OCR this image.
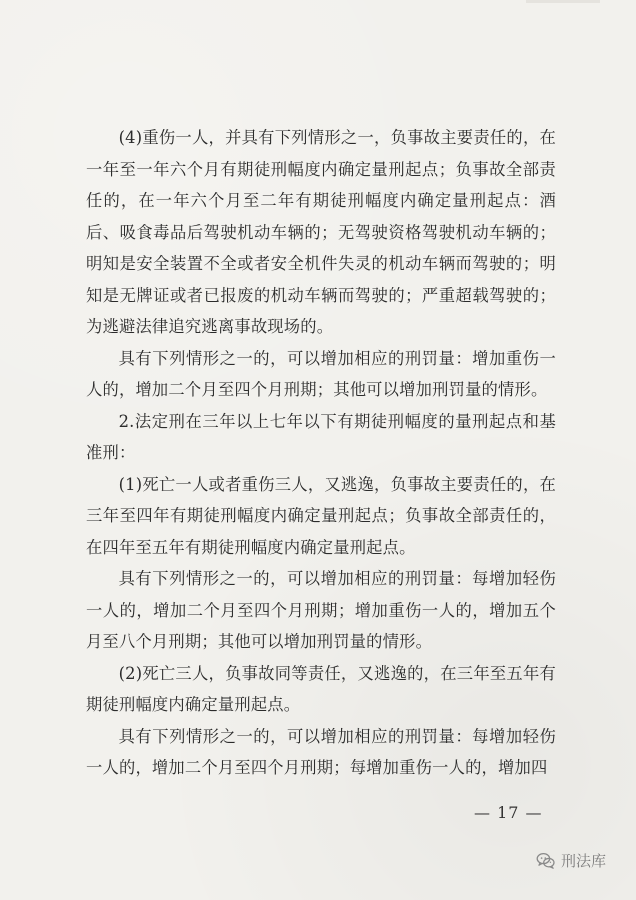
(4)重伤一人，并具有下列情形之一，负事故主要责任的，在一年至一年六个月有期徒刑幅度内确定量刑起点；负事故全部责任的，在一年六个月至二年有期徒刑幅度内确定量刑起点：酒后、吸食毒品后驾驶机动车辆的；无驾驶资格驾驶机动车辆的；明知是安全装置不全或者安全机件失灵的机动车辆而驾驶的；明知是无牌证或者已报废的机动车辆而驾驶的；严重超载驾驶的；为逃避法律追究逃离事故现场的。

具有下列情形之一的，可以增加相应的刑罚量：增加重伤一人的，增加二个月至四个月刑期；其他可以增加刑罚量的情形。

2.法定刑在三年以上七年以下有期徒刑幅度的量刑起点和基准刑：

(1)死亡一人或者重伤三人，又逃逸，负事故主要责任的，在三年至四年有期徒刑幅度内确定量刑起点；负事故全部责任的，在四年至五年有期徒刑幅度内确定量刑起点。

具有下列情形之一的，可以增加相应的刑罚量：每增加轻伤一人的，增加二个月至四个月刑期；增加重伤一人的，增加五个月至八个月刑期；其他可以增加刑罚量的情形。

(2)死亡三人，负事故同等责任，又逃逸的，在三年至五年有期徒刑幅度内确定量刑起点。

具有下列情形之一的，可以增加相应的刑罚量：每增加轻伤一人的，增加二个月至四个月刑期；每增加重伤一人的，增加四

— 17 —
刑法库
